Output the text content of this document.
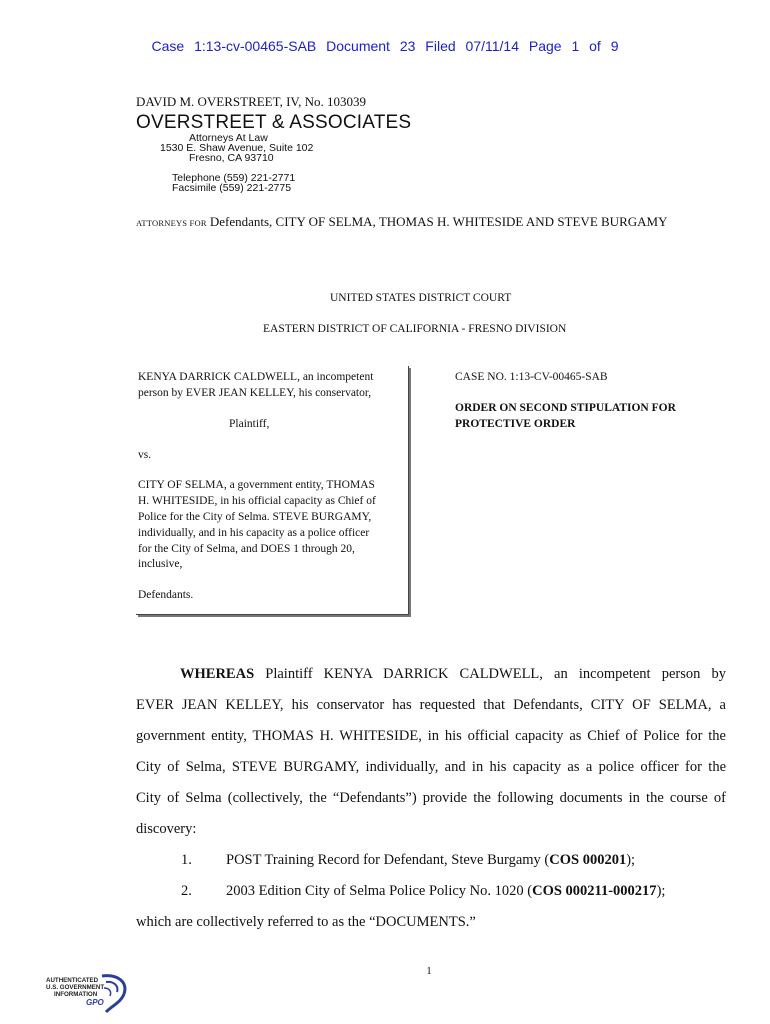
Case 1:13-cv-00465-SAB Document 23 Filed 07/11/14 Page 1 of 9
DAVID M. OVERSTREET, IV, No. 103039
OVERSTREET & ASSOCIATES
Attorneys At Law
1530 E. Shaw Avenue, Suite 102
Fresno, CA 93710
Telephone (559) 221-2771
Facsimile (559) 221-2775
ATTORNEYS FOR Defendants, CITY OF SELMA, THOMAS H. WHITESIDE AND STEVE BURGAMY
UNITED STATES DISTRICT COURT
EASTERN DISTRICT OF CALIFORNIA - FRESNO DIVISION
KENYA DARRICK CALDWELL, an incompetent
person by EVER JEAN KELLEY, his conservator,
Plaintiff,
vs.
CITY OF SELMA, a government entity, THOMAS
H. WHITESIDE, in his official capacity as Chief of
Police for the City of Selma. STEVE BURGAMY,
individually, and in his capacity as a police officer
for the City of Selma, and DOES 1 through 20,
inclusive,
Defendants.
CASE NO. 1:13-CV-00465-SAB
ORDER ON SECOND STIPULATION FOR
PROTECTIVE ORDER
WHEREAS Plaintiff KENYA DARRICK CALDWELL, an incompetent person by
EVER JEAN KELLEY, his conservator has requested that Defendants, CITY OF SELMA, a
government entity, THOMAS H. WHITESIDE, in his official capacity as Chief of Police for the
City of Selma, STEVE BURGAMY, individually, and in his capacity as a police officer for the
City of Selma (collectively, the “Defendants”) provide the following documents in the course of
discovery:
1. POST Training Record for Defendant, Steve Burgamy (COS 000201);
2. 2003 Edition City of Selma Police Policy No. 1020 (COS 000211-000217);
which are collectively referred to as the “DOCUMENTS.”
1
AUTHENTICATED
U.S. GOVERNMENT
INFORMATION
GPO
